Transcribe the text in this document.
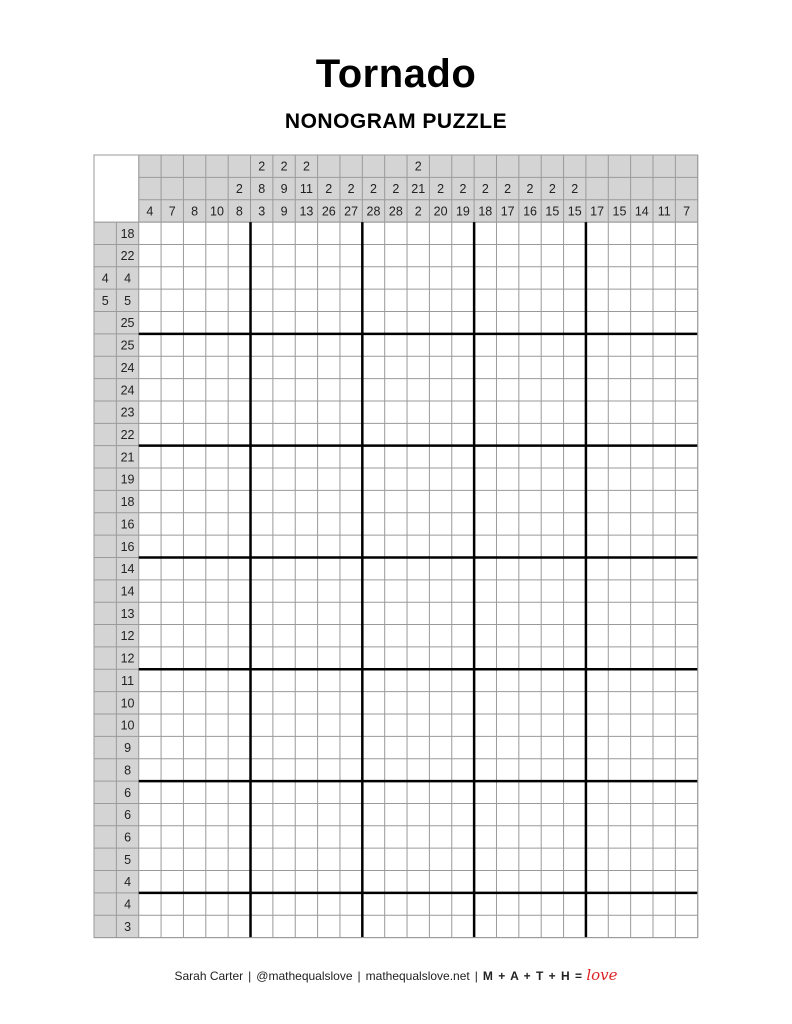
Tornado
NONOGRAM PUZZLE
4 7 8 10
2
8
2
8
3
2
9
9
2
11
13
2
26
2
27
2
28
2
28
2
21
2
2
20
2
19
2
18
2
17
2
16
2
15
2
15 17 15 14 11 7
18
22
4 4
5 5
25
25
24
24
23
22
21
19
18
16
16
14
14
13
12
12
11
10
10
9
8
6
6
6
5
4
4
3
Sarah Carter | @mathequalslove | mathequalslove.net | M + A + T + H = love
